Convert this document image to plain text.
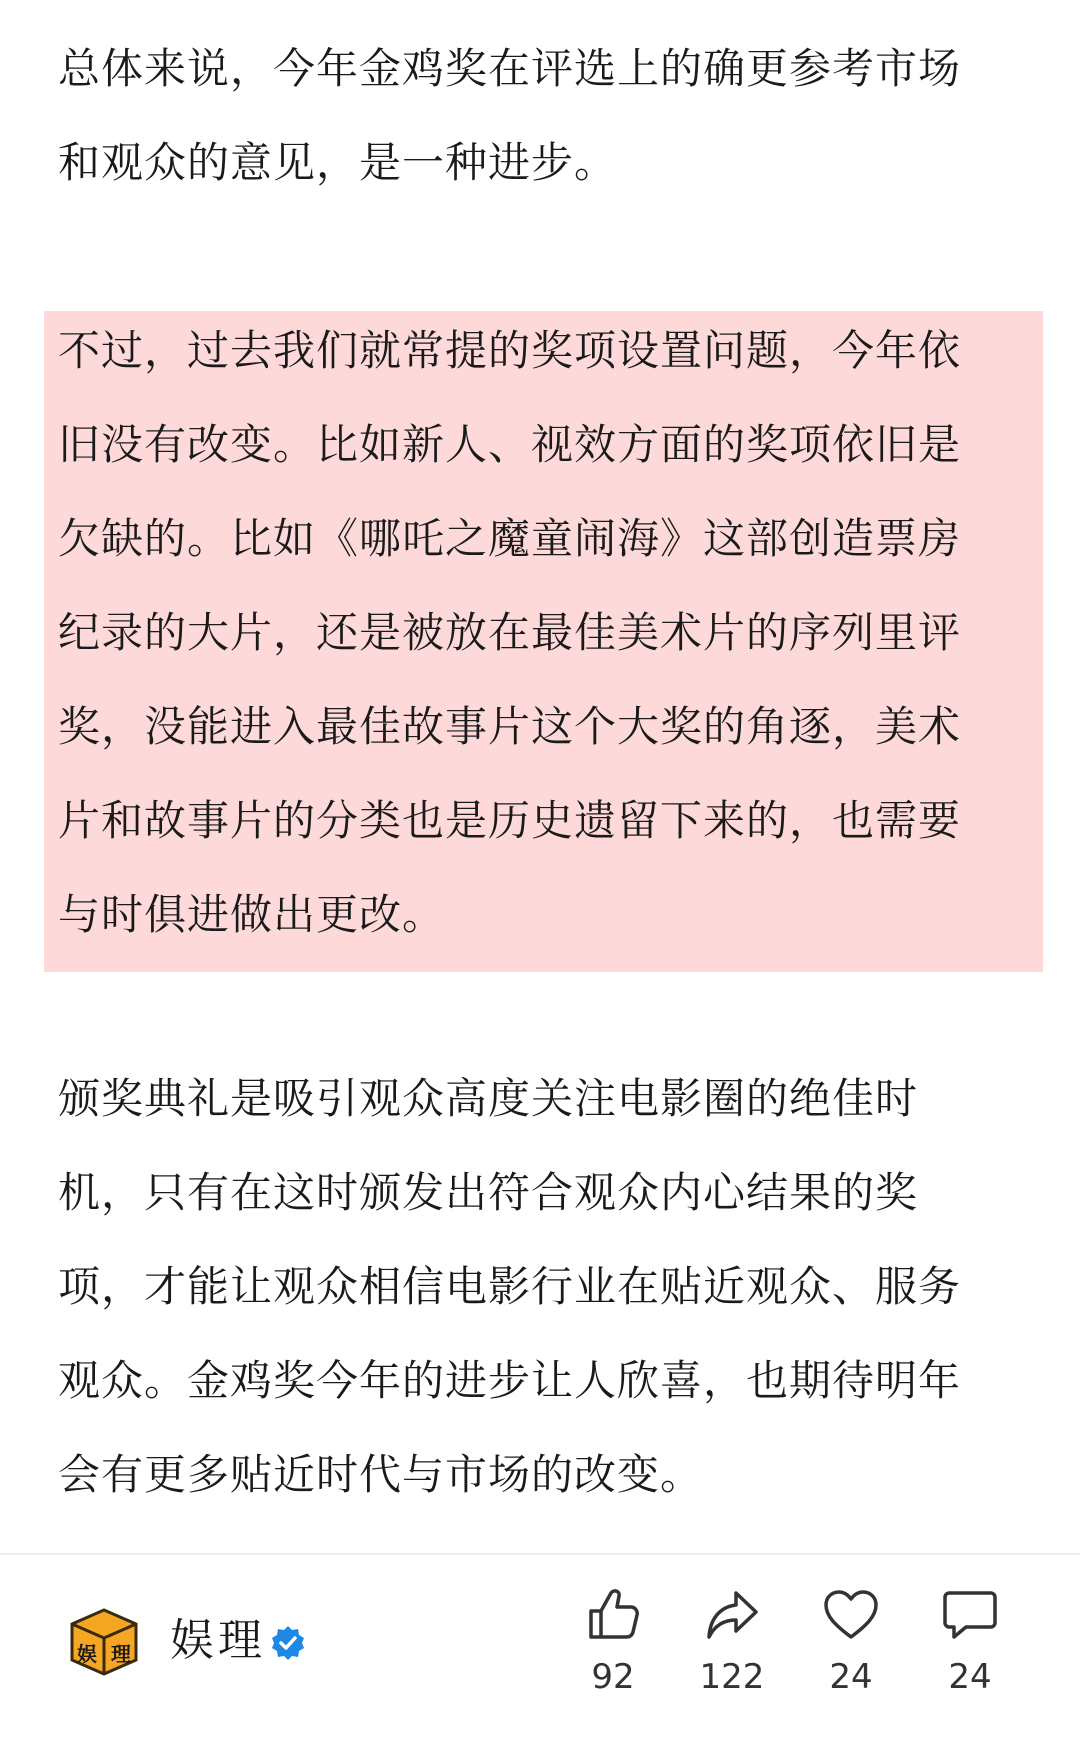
总体来说，今年金鸡奖在评选上的确更参考市场
和观众的意见，是一种进步。

不过，过去我们就常提的奖项设置问题，今年依
旧没有改变。比如新人、视效方面的奖项依旧是
欠缺的。比如《哪吒之魔童闹海》这部创造票房
纪录的大片，还是被放在最佳美术片的序列里评
奖，没能进入最佳故事片这个大奖的角逐，美术
片和故事片的分类也是历史遗留下来的，也需要
与时俱进做出更改。

颁奖典礼是吸引观众高度关注电影圈的绝佳时
机，只有在这时颁发出符合观众内心结果的奖
项，才能让观众相信电影行业在贴近观众、服务
观众。金鸡奖今年的进步让人欣喜，也期待明年
会有更多贴近时代与市场的改变。

娱 理 娱理
92	122	24	24
